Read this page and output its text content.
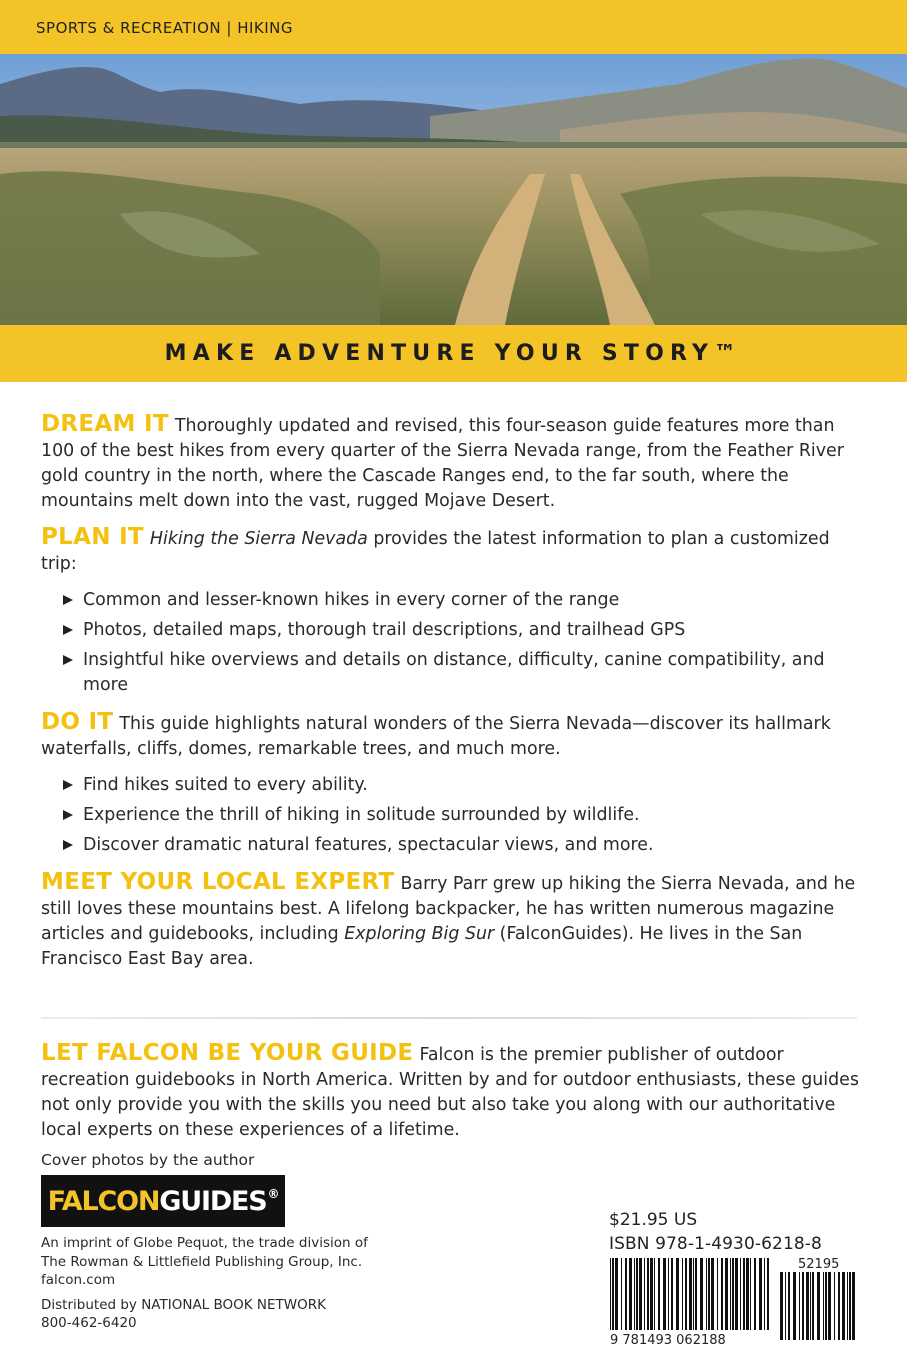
SPORTS & RECREATION | HIKING
MAKE ADVENTURE YOUR STORY™

DREAM IT Thoroughly updated and revised, this four-season guide features more than 100 of the best hikes from every quarter of the Sierra Nevada range, from the Feather River gold country in the north, where the Cascade Ranges end, to the far south, where the mountains melt down into the vast, rugged Mojave Desert.

PLAN IT Hiking the Sierra Nevada provides the latest information to plan a customized trip:

Common and lesser-known hikes in every corner of the range
Photos, detailed maps, thorough trail descriptions, and trailhead GPS
Insightful hike overviews and details on distance, difficulty, canine compatibility, and more

DO IT This guide highlights natural wonders of the Sierra Nevada—discover its hallmark waterfalls, cliffs, domes, remarkable trees, and much more.

Find hikes suited to every ability.
Experience the thrill of hiking in solitude surrounded by wildlife.
Discover dramatic natural features, spectacular views, and more.

MEET YOUR LOCAL EXPERT Barry Parr grew up hiking the Sierra Nevada, and he still loves these mountains best. A lifelong backpacker, he has written numerous magazine articles and guidebooks, including Exploring Big Sur (FalconGuides). He lives in the San Francisco East Bay area.

LET FALCON BE YOUR GUIDE Falcon is the premier publisher of outdoor recreation guidebooks in North America. Written by and for outdoor enthusiasts, these guides not only provide you with the skills you need but also take you along with our authoritative local experts on these experiences of a lifetime.

Cover photos by the author
FALCONGUIDES®
An imprint of Globe Pequot, the trade division of
The Rowman & Littlefield Publishing Group, Inc.
falcon.com
Distributed by NATIONAL BOOK NETWORK
800-462-6420
$21.95 US
ISBN 978-1-4930-6218-8
9 781493 062188
52195
